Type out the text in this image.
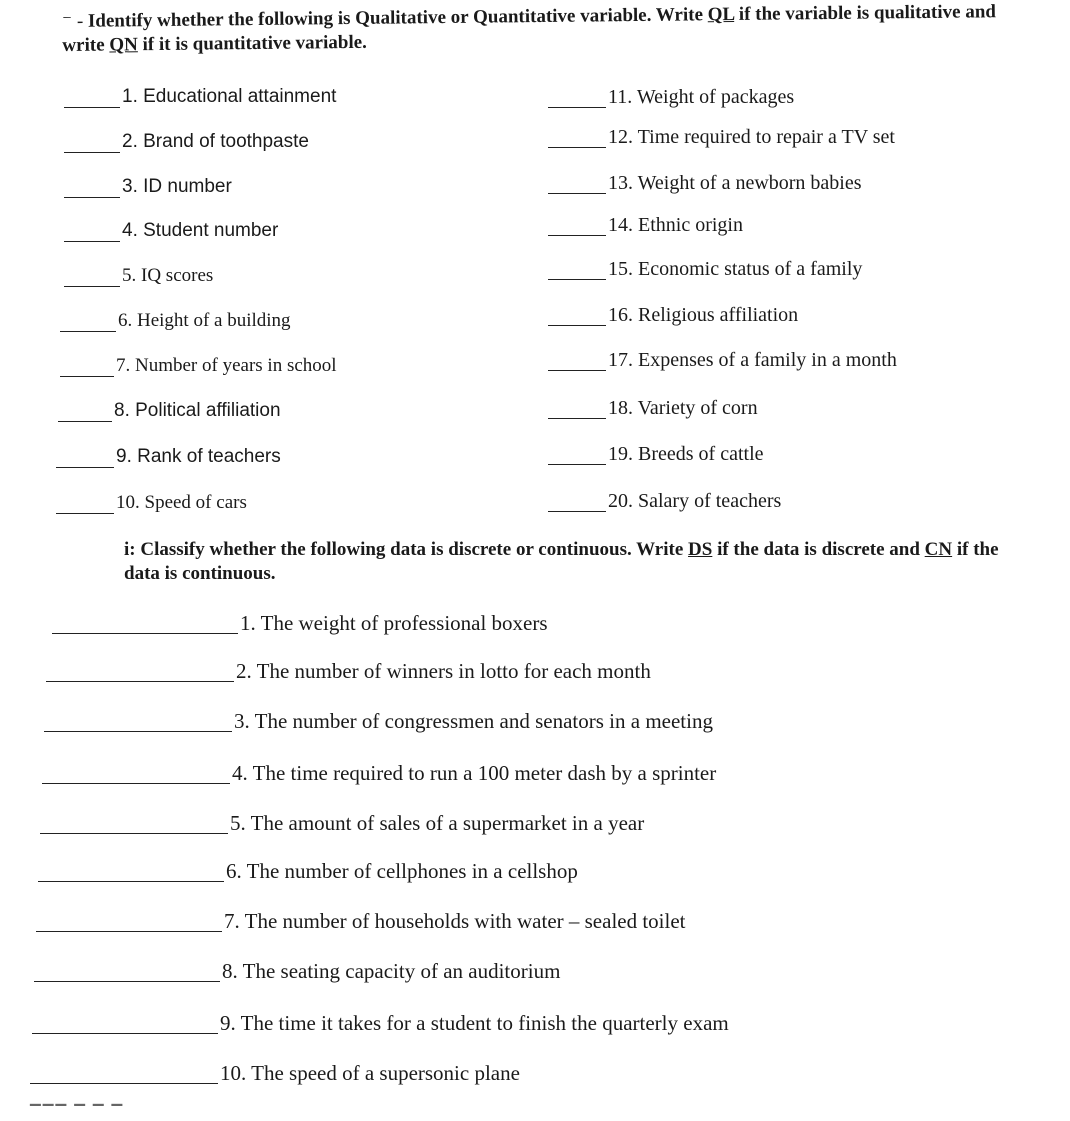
⁻ - Identify whether the following is Qualitative or Quantitative variable. Write QL if the variable is qualitative and write QN if it is quantitative variable.
1. Educational attainment
2. Brand of toothpaste
3. ID number
4. Student number
5. IQ scores
6. Height of a building
7. Number of years in school
8. Political affiliation
9. Rank of teachers
10. Speed of cars
11. Weight of packages
12. Time required to repair a TV set
13. Weight of a newborn babies
14. Ethnic origin
15. Economic status of a family
16. Religious affiliation
17. Expenses of a family in a month
18. Variety of corn
19. Breeds of cattle
20. Salary of teachers
i: Classify whether the following data is discrete or continuous. Write DS if the data is discrete and CN if the data is continuous.
1. The weight of professional boxers
2. The number of winners in lotto for each month
3. The number of congressmen and senators in a meeting
4. The time required to run a 100 meter dash by a sprinter
5. The amount of sales of a supermarket in a year
6. The number of cellphones in a cellshop
7. The number of households with water – sealed toilet
8. The seating capacity of an auditorium
9. The time it takes for a student to finish the quarterly exam
10. The speed of a supersonic plane
▔▔▔ ▔ ▔ ▔
